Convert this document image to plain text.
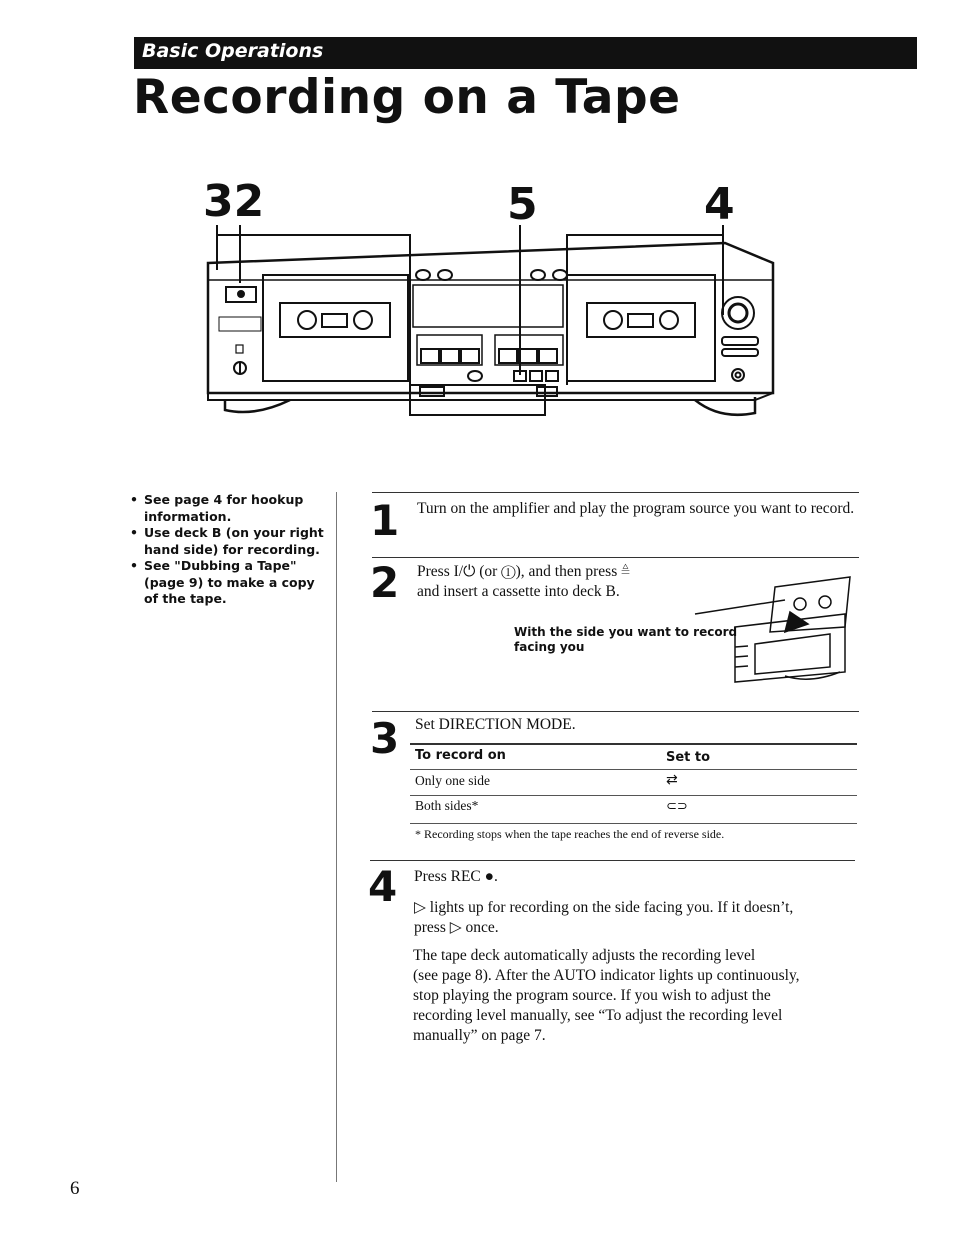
Basic Operations
Recording on a Tape
32	5	4
• See page 4 for hookup information.
• Use deck B (on your right hand side) for recording.
• See "Dubbing a Tape" (page 9) to make a copy of the tape.
1 Turn on the amplifier and play the program source you want to record.
2 Press I/⏻ (or ①), and then press ≜
and insert a cassette into deck B.
With the side you want to record
facing you
3 Set DIRECTION MODE.
To record on	Set to
Only one side	⇄
Both sides*	⊂⊃
* Recording stops when the tape reaches the end of reverse side.
4 Press REC ●.
▷ lights up for recording on the side facing you. If it doesn’t,
press ▷ once.
The tape deck automatically adjusts the recording level
(see page 8). After the AUTO indicator lights up continuously,
stop playing the program source. If you wish to adjust the
recording level manually, see “To adjust the recording level
manually” on page 7.
6
